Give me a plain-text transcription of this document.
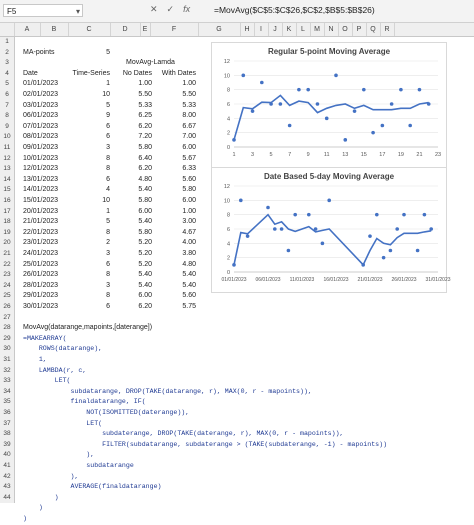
F5	▾	✕ ✓ fx	=MovAvg($C$5:$C$26,$C$2,$B$5:$B$26)
A	B	C	D	E	F	G	H	I	J	K	L	M	N	O	P	Q	R
1
2
3
4
5
6
7
8
9
10
11
12
13
14
15
16
17
18
19
20
21
22
23
24
25
26
27
28
29
30
31
32
33
34
35
36
37
38
39
40
41
42
43
44
MA-points	5
MovAvg-Lamda
Date	Time-Series	No Dates	With Dates
01/01/2023	1	1.00	1.00
02/01/2023	10	5.50	5.50
03/01/2023	5	5.33	5.33
06/01/2023	9	6.25	8.00
07/01/2023	6	6.20	6.67
08/01/2023	6	7.20	7.00
09/01/2023	3	5.80	6.00
10/01/2023	8	6.40	5.67
12/01/2023	8	6.20	6.33
13/01/2023	6	4.80	5.60
14/01/2023	4	5.40	5.80
15/01/2023	10	5.80	6.00
20/01/2023	1	6.00	1.00
21/01/2023	5	5.40	3.00
22/01/2023	8	5.80	4.67
23/01/2023	2	5.20	4.00
24/01/2023	3	5.20	3.80
25/01/2023	6	5.20	4.80
26/01/2023	8	5.40	5.40
28/01/2023	3	5.40	5.40
29/01/2023	8	6.00	5.60
30/01/2023	6	6.20	5.75
MovAvg(datarange,mapoints,[daterange])
=MAKEARRAY(
ROWS(datarange),
1,
LAMBDA(r, c,
LET(
subdatarange, DROP(TAKE(datarange, r), MAX(0, r - mapoints)),
finaldatarange, IF(
NOT(ISOMITTED(daterange)),
LET(
subdaterange, DROP(TAKE(daterange, r), MAX(0, r - mapoints)),
FILTER(subdatarange, subdaterange > (TAKE(subdaterange, -1) - mapoints))
),
subdatarange
),
AVERAGE(finaldatarange)
)
)
)
Regular 5-point Moving Average
0
2
4
6
8
10
12
1	3	5	7	9	11 13 15 17 19 21 23
Date Based 5-day Moving Average
0
2
4
6
8
10
12
01/01/2023 06/01/2023 11/01/2023 16/01/2023 21/01/2023 26/01/2023 31/01/2023
